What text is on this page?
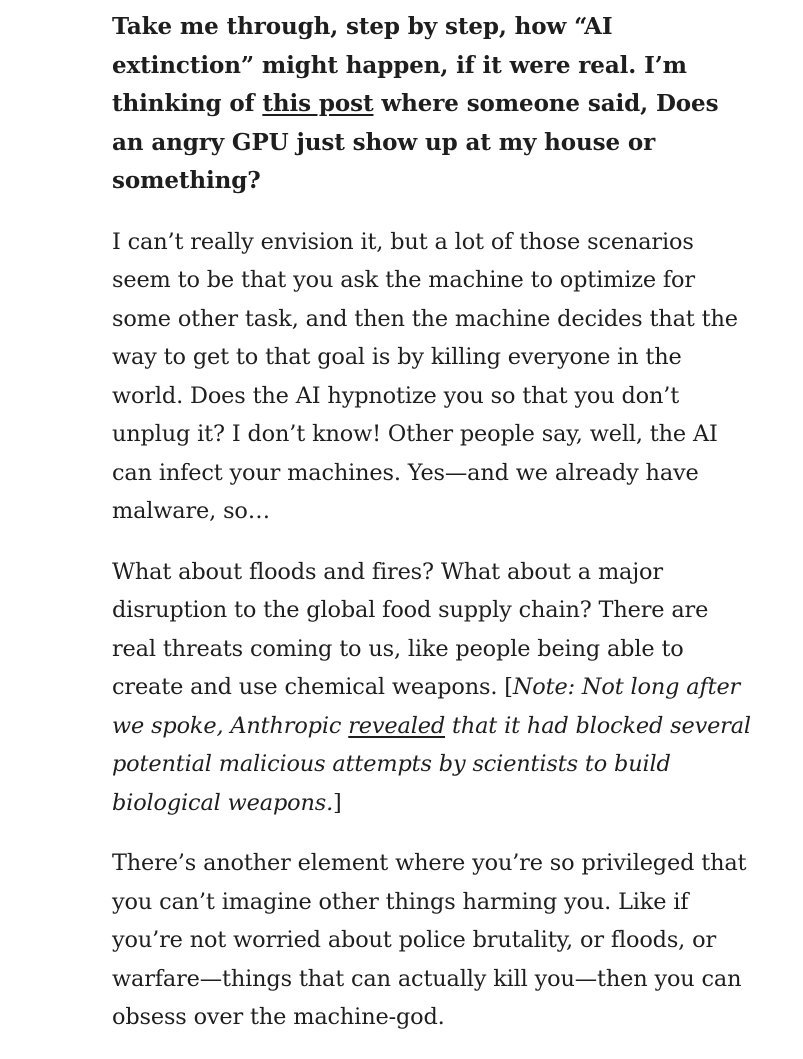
Take me through, step by step, how “AI extinction” might happen, if it were real. I’m thinking of this post where someone said, Does an angry GPU just show up at my house or something?

I can’t really envision it, but a lot of those scenarios seem to be that you ask the machine to optimize for some other task, and then the machine decides that the way to get to that goal is by killing everyone in the world. Does the AI hypnotize you so that you don’t unplug it? I don’t know! Other people say, well, the AI can infect your machines. Yes—and we already have malware, so…

What about floods and fires? What about a major disruption to the global food supply chain? There are real threats coming to us, like people being able to create and use chemical weapons. [Note: Not long after we spoke, Anthropic revealed that it had blocked several potential malicious attempts by scientists to build biological weapons.]

There’s another element where you’re so privileged that you can’t imagine other things harming you. Like if you’re not worried about police brutality, or floods, or warfare—things that can actually kill you—then you can obsess over the machine-god.
